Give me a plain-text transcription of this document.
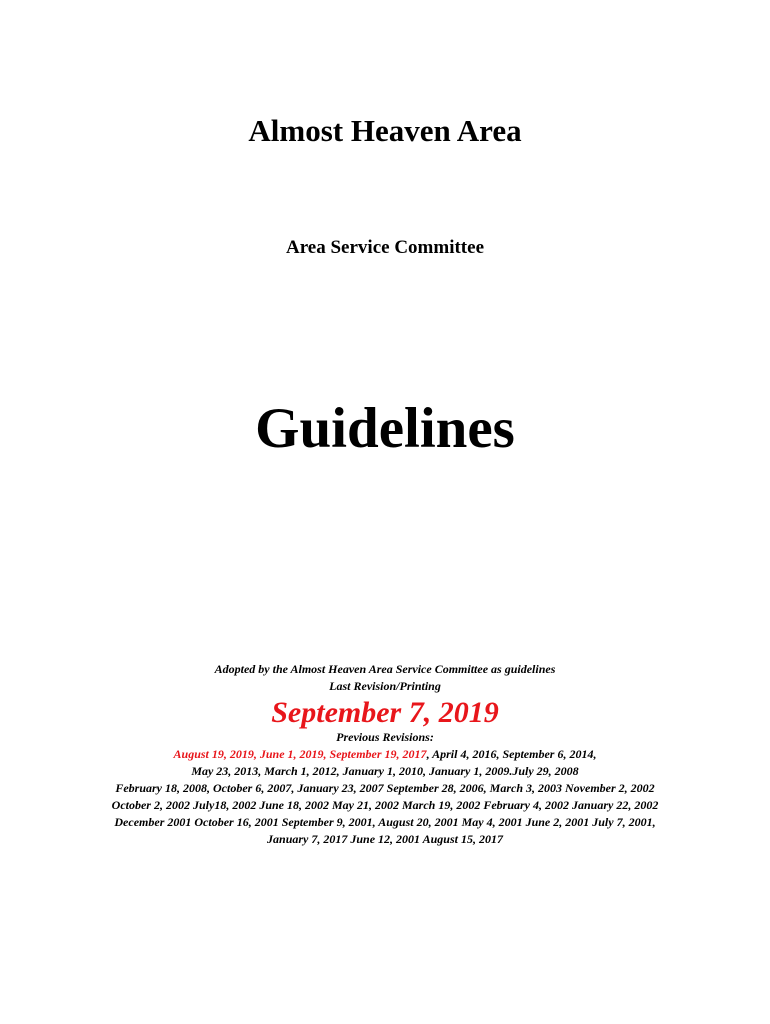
Almost Heaven Area
Area Service Committee
Guidelines
Adopted by the Almost Heaven Area Service Committee as guidelines
Last Revision/Printing
September 7, 2019
Previous Revisions:
August 19, 2019, June 1, 2019, September 19, 2017, April 4, 2016, September 6, 2014,
May 23, 2013, March 1, 2012, January 1, 2010, January 1, 2009.July 29, 2008
February 18, 2008, October 6, 2007, January 23, 2007 September 28, 2006, March 3, 2003 November 2, 2002
October 2, 2002 July18, 2002 June 18, 2002 May 21, 2002 March 19, 2002 February 4, 2002 January 22, 2002
December 2001 October 16, 2001 September 9, 2001, August 20, 2001 May 4, 2001 June 2, 2001 July 7, 2001,
January 7, 2017 June 12, 2001 August 15, 2017
